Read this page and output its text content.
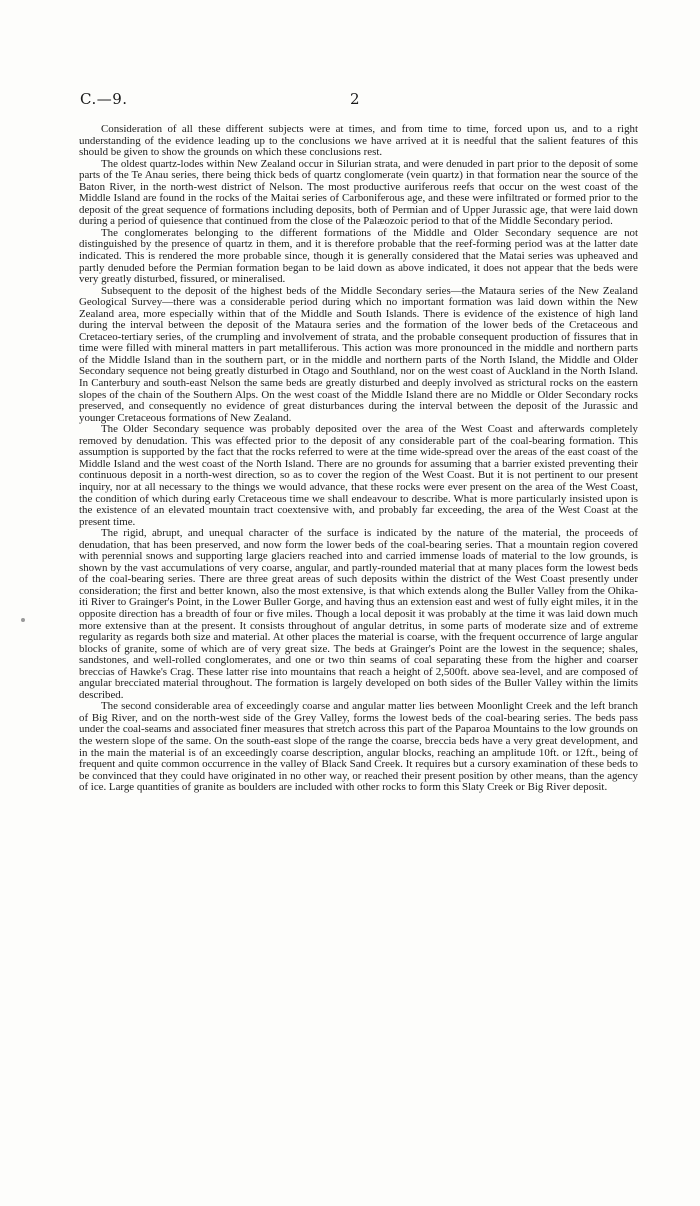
C.—9.	2

Consideration of all these different subjects were at times, and from time to time, forced upon us, and to a right understanding of the evidence leading up to the conclusions we have arrived at it is needful that the salient features of this should be given to show the grounds on which these conclusions rest.

The oldest quartz-lodes within New Zealand occur in Silurian strata, and were denuded in part prior to the deposit of some parts of the Te Anau series, there being thick beds of quartz conglomerate (vein quartz) in that formation near the source of the Baton River, in the north-west district of Nelson. The most productive auriferous reefs that occur on the west coast of the Middle Island are found in the rocks of the Maitai series of Carboniferous age, and these were infiltrated or formed prior to the deposit of the great sequence of formations including deposits, both of Permian and of Upper Jurassic age, that were laid down during a period of quiesence that continued from the close of the Palæozoic period to that of the Middle Secondary period.

The conglomerates belonging to the different formations of the Middle and Older Secondary sequence are not distinguished by the presence of quartz in them, and it is therefore probable that the reef-forming period was at the latter date indicated. This is rendered the more probable since, though it is generally considered that the Matai series was upheaved and partly denuded before the Permian formation began to be laid down as above indicated, it does not appear that the beds were very greatly disturbed, fissured, or mineralised.

Subsequent to the deposit of the highest beds of the Middle Secondary series—the Mataura series of the New Zealand Geological Survey—there was a considerable period during which no important formation was laid down within the New Zealand area, more especially within that of the Middle and South Islands. There is evidence of the existence of high land during the interval between the deposit of the Mataura series and the formation of the lower beds of the Cretaceous and Cretaceo-tertiary series, of the crumpling and involvement of strata, and the probable consequent production of fissures that in time were filled with mineral matters in part metalliferous. This action was more pronounced in the middle and northern parts of the Middle Island than in the southern part, or in the middle and northern parts of the North Island, the Middle and Older Secondary sequence not being greatly disturbed in Otago and Southland, nor on the west coast of Auckland in the North Island. In Canterbury and south-east Nelson the same beds are greatly disturbed and deeply involved as strictural rocks on the eastern slopes of the chain of the Southern Alps. On the west coast of the Middle Island there are no Middle or Older Secondary rocks preserved, and consequently no evidence of great disturbances during the interval between the deposit of the Jurassic and younger Cretaceous formations of New Zealand.

The Older Secondary sequence was probably deposited over the area of the West Coast and afterwards completely removed by denudation. This was effected prior to the deposit of any considerable part of the coal-bearing formation. This assumption is supported by the fact that the rocks referred to were at the time wide-spread over the areas of the east coast of the Middle Island and the west coast of the North Island. There are no grounds for assuming that a barrier existed preventing their continuous deposit in a north-west direction, so as to cover the region of the West Coast. But it is not pertinent to our present inquiry, nor at all necessary to the things we would advance, that these rocks were ever present on the area of the West Coast, the condition of which during early Cretaceous time we shall endeavour to describe. What is more particularly insisted upon is the existence of an elevated mountain tract coextensive with, and probably far exceeding, the area of the West Coast at the present time.

The rigid, abrupt, and unequal character of the surface is indicated by the nature of the material, the proceeds of denudation, that has been preserved, and now form the lower beds of the coal-bearing series. That a mountain region covered with perennial snows and supporting large glaciers reached into and carried immense loads of material to the low grounds, is shown by the vast accumulations of very coarse, angular, and partly-rounded material that at many places form the lowest beds of the coal-bearing series. There are three great areas of such deposits within the district of the West Coast presently under consideration; the first and better known, also the most extensive, is that which extends along the Buller Valley from the Ohika-iti River to Grainger's Point, in the Lower Buller Gorge, and having thus an extension east and west of fully eight miles, it in the opposite direction has a breadth of four or five miles. Though a local deposit it was probably at the time it was laid down much more extensive than at the present. It consists throughout of angular detritus, in some parts of moderate size and of extreme regularity as regards both size and material. At other places the material is coarse, with the frequent occurrence of large angular blocks of granite, some of which are of very great size. The beds at Grainger's Point are the lowest in the sequence; shales, sandstones, and well-rolled conglomerates, and one or two thin seams of coal separating these from the higher and coarser breccias of Hawke's Crag. These latter rise into mountains that reach a height of 2,500ft. above sea-level, and are composed of angular brecciated material throughout. The formation is largely developed on both sides of the Buller Valley within the limits described.

The second considerable area of exceedingly coarse and angular matter lies between Moonlight Creek and the left branch of Big River, and on the north-west side of the Grey Valley, forms the lowest beds of the coal-bearing series. The beds pass under the coal-seams and associated finer measures that stretch across this part of the Paparoa Mountains to the low grounds on the western slope of the same. On the south-east slope of the range the coarse, breccia beds have a very great development, and in the main the material is of an exceedingly coarse description, angular blocks, reaching an amplitude 10ft. or 12ft., being of frequent and quite common occurrence in the valley of Black Sand Creek. It requires but a cursory examination of these beds to be convinced that they could have originated in no other way, or reached their present position by other means, than the agency of ice. Large quantities of granite as boulders are included with other rocks to form this Slaty Creek or Big River deposit.
